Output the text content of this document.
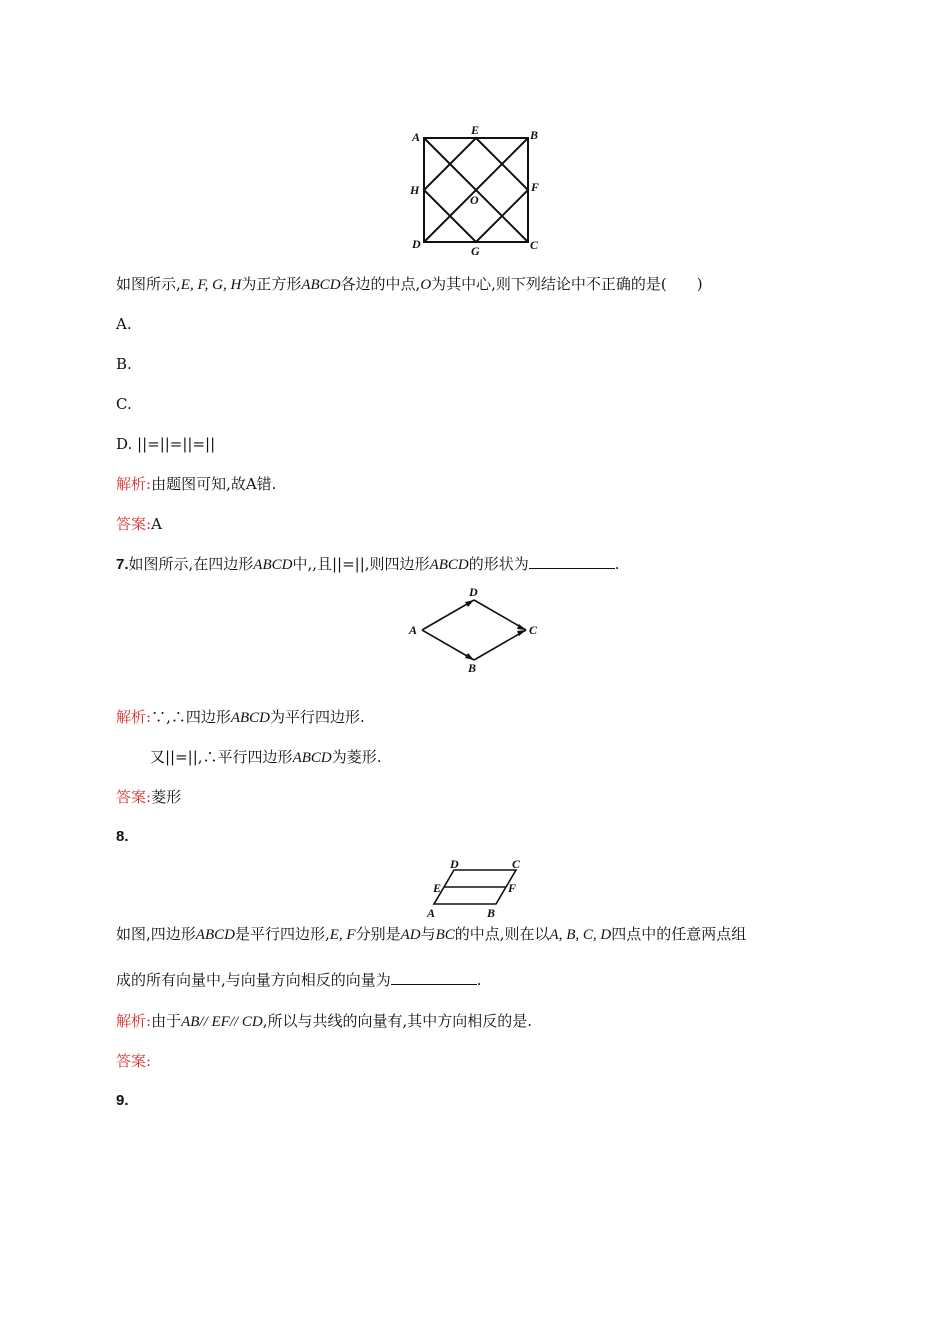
A	E	B
H
O
F
D	G	C
如图所示,E, F, G, H为正方形ABCD各边的中点,O为其中心,则下列结论中不正确的是(　　)
A.
B.
C.
D. ||=||=||=||
解析:由题图可知,故A错.
答案:A
7.如图所示,在四边形ABCD中,,且||=||,则四边形ABCD的形状为	.
A
D
C
B
解析:∵,∴四边形ABCD为平行四边形.
又||=||,∴平行四边形ABCD为菱形.
答案:菱形
8.
D	C
E	F
A	B
如图,四边形ABCD是平行四边形,E, F分别是AD与BC的中点,则在以A, B, C, D四点中的任意两点组
成的所有向量中,与向量方向相反的向量为	.
解析:由于AB// EF// CD,所以与共线的向量有,其中方向相反的是.
答案:
9.
